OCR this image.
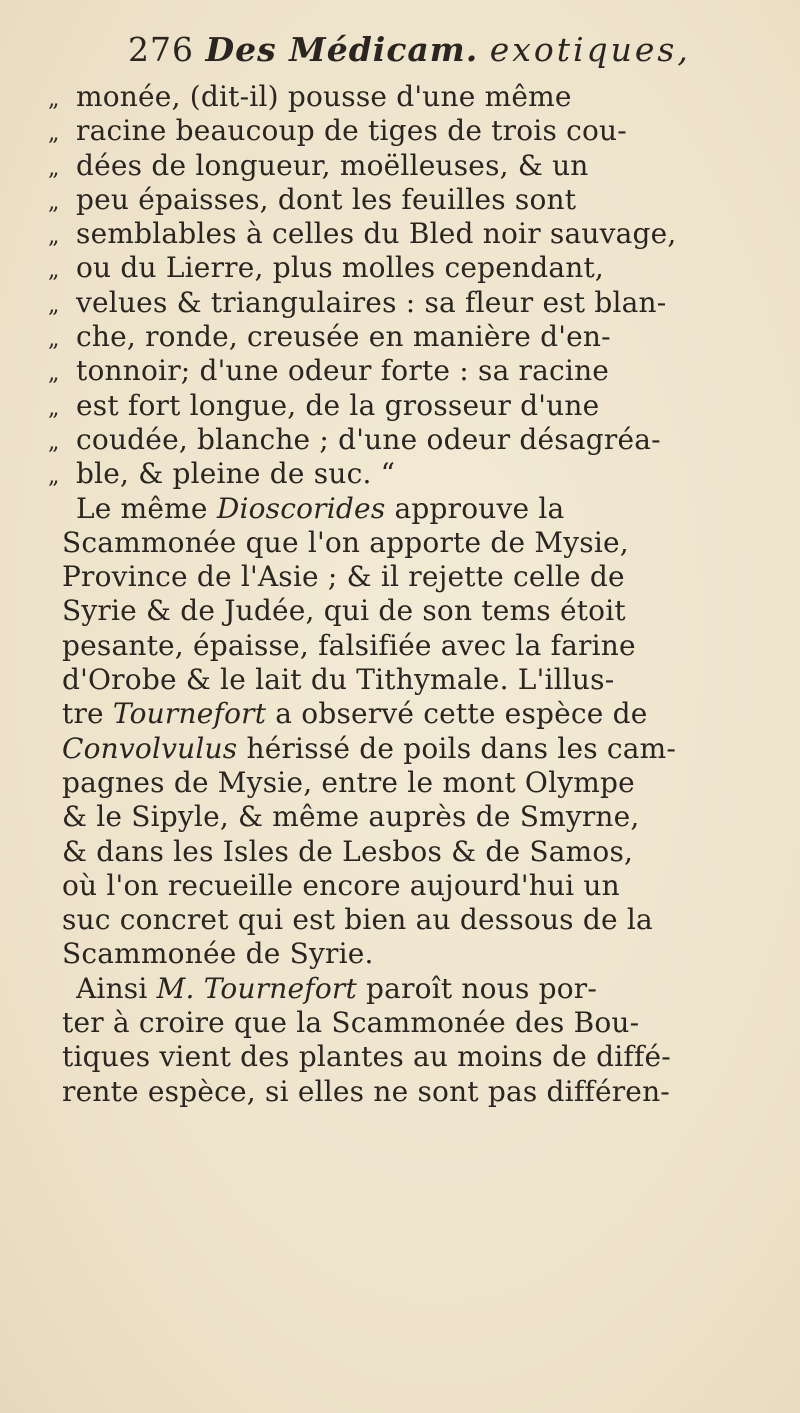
276 Des Médicam. exotiques,
„ monée, (dit-il) pousse d'une même
„ racine beaucoup de tiges de trois cou-
„ dées de longueur, moëlleuses, & un
„ peu épaisses, dont les feuilles sont
„ semblables à celles du Bled noir sauvage,
„ ou du Lierre, plus molles cependant,
„ velues & triangulaires : sa fleur est blan-
„ che, ronde, creusée en manière d'en-
„ tonnoir; d'une odeur forte : sa racine
„ est fort longue, de la grosseur d'une
„ coudée, blanche ; d'une odeur désagréa-
„ ble, & pleine de suc. “
Le même Dioscorides approuve la
Scammonée que l'on apporte de Mysie,
Province de l'Asie ; & il rejette celle de
Syrie & de Judée, qui de son tems étoit
pesante, épaisse, falsifiée avec la farine
d'Orobe & le lait du Tithymale. L'illus-
tre Tournefort a observé cette espèce de
Convolvulus hérissé de poils dans les cam-
pagnes de Mysie, entre le mont Olympe
& le Sipyle, & même auprès de Smyrne,
& dans les Isles de Lesbos & de Samos,
où l'on recueille encore aujourd'hui un
suc concret qui est bien au dessous de la
Scammonée de Syrie.
Ainsi M. Tournefort paroît nous por-
ter à croire que la Scammonée des Bou-
tiques vient des plantes au moins de diffé-
rente espèce, si elles ne sont pas différen-
